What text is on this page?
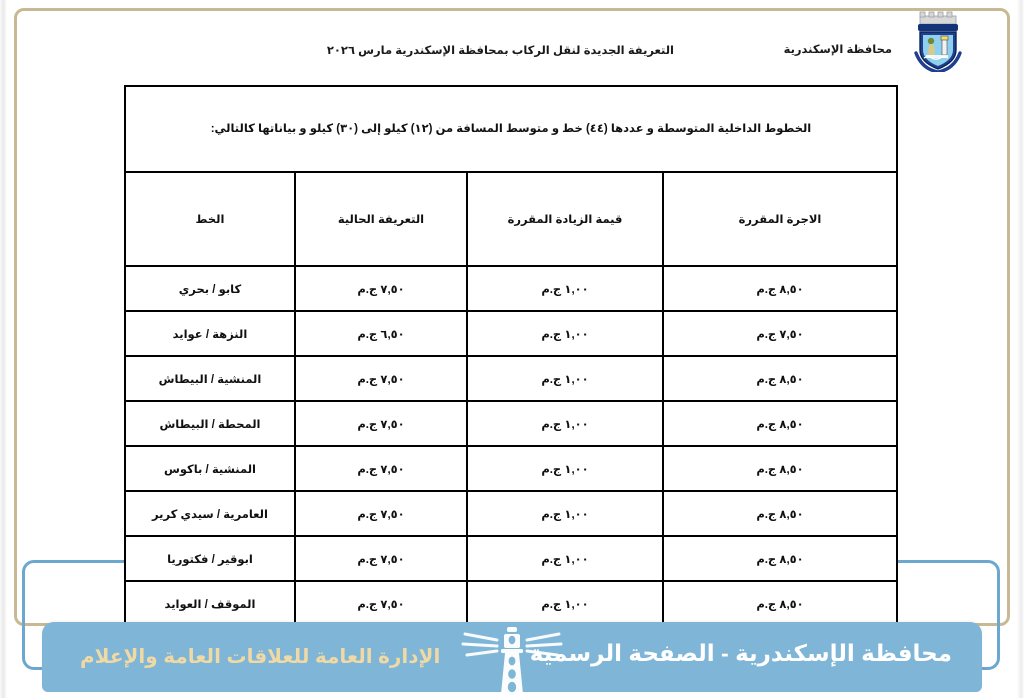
محافظة الإسكندرية
التعريفة الجديدة لنقل الركاب بمحافظة الإسكندرية مارس ٢٠٢٦
الخطوط الداخلية المتوسطة و عددها (٤٤) خط و متوسط المسافة من (١٢) كيلو إلى (٣٠) كيلو و بياناتها كالتالي:			
الاجرة المقررة	قيمة الزيادة المقررة	التعريفة الحالية	الخط
٨,٥٠ ج.م	١,٠٠ ج.م	٧,٥٠ ج.م	كابو / بحري
٧,٥٠ ج.م	١,٠٠ ج.م	٦,٥٠ ج.م	النزهة / عوايد
٨,٥٠ ج.م	١,٠٠ ج.م	٧,٥٠ ج.م	المنشية / البيطاش
٨,٥٠ ج.م	١,٠٠ ج.م	٧,٥٠ ج.م	المحطة / البيطاش
٨,٥٠ ج.م	١,٠٠ ج.م	٧,٥٠ ج.م	المنشية / باكوس
٨,٥٠ ج.م	١,٠٠ ج.م	٧,٥٠ ج.م	العامرية / سيدي كرير
٨,٥٠ ج.م	١,٠٠ ج.م	٧,٥٠ ج.م	ابوقير / فكتوريا
٨,٥٠ ج.م	١,٠٠ ج.م	٧,٥٠ ج.م	الموقف / العوايد
محافظة الإسكندرية - الصفحة الرسمية
الإدارة العامة للعلاقات العامة والإعلام
